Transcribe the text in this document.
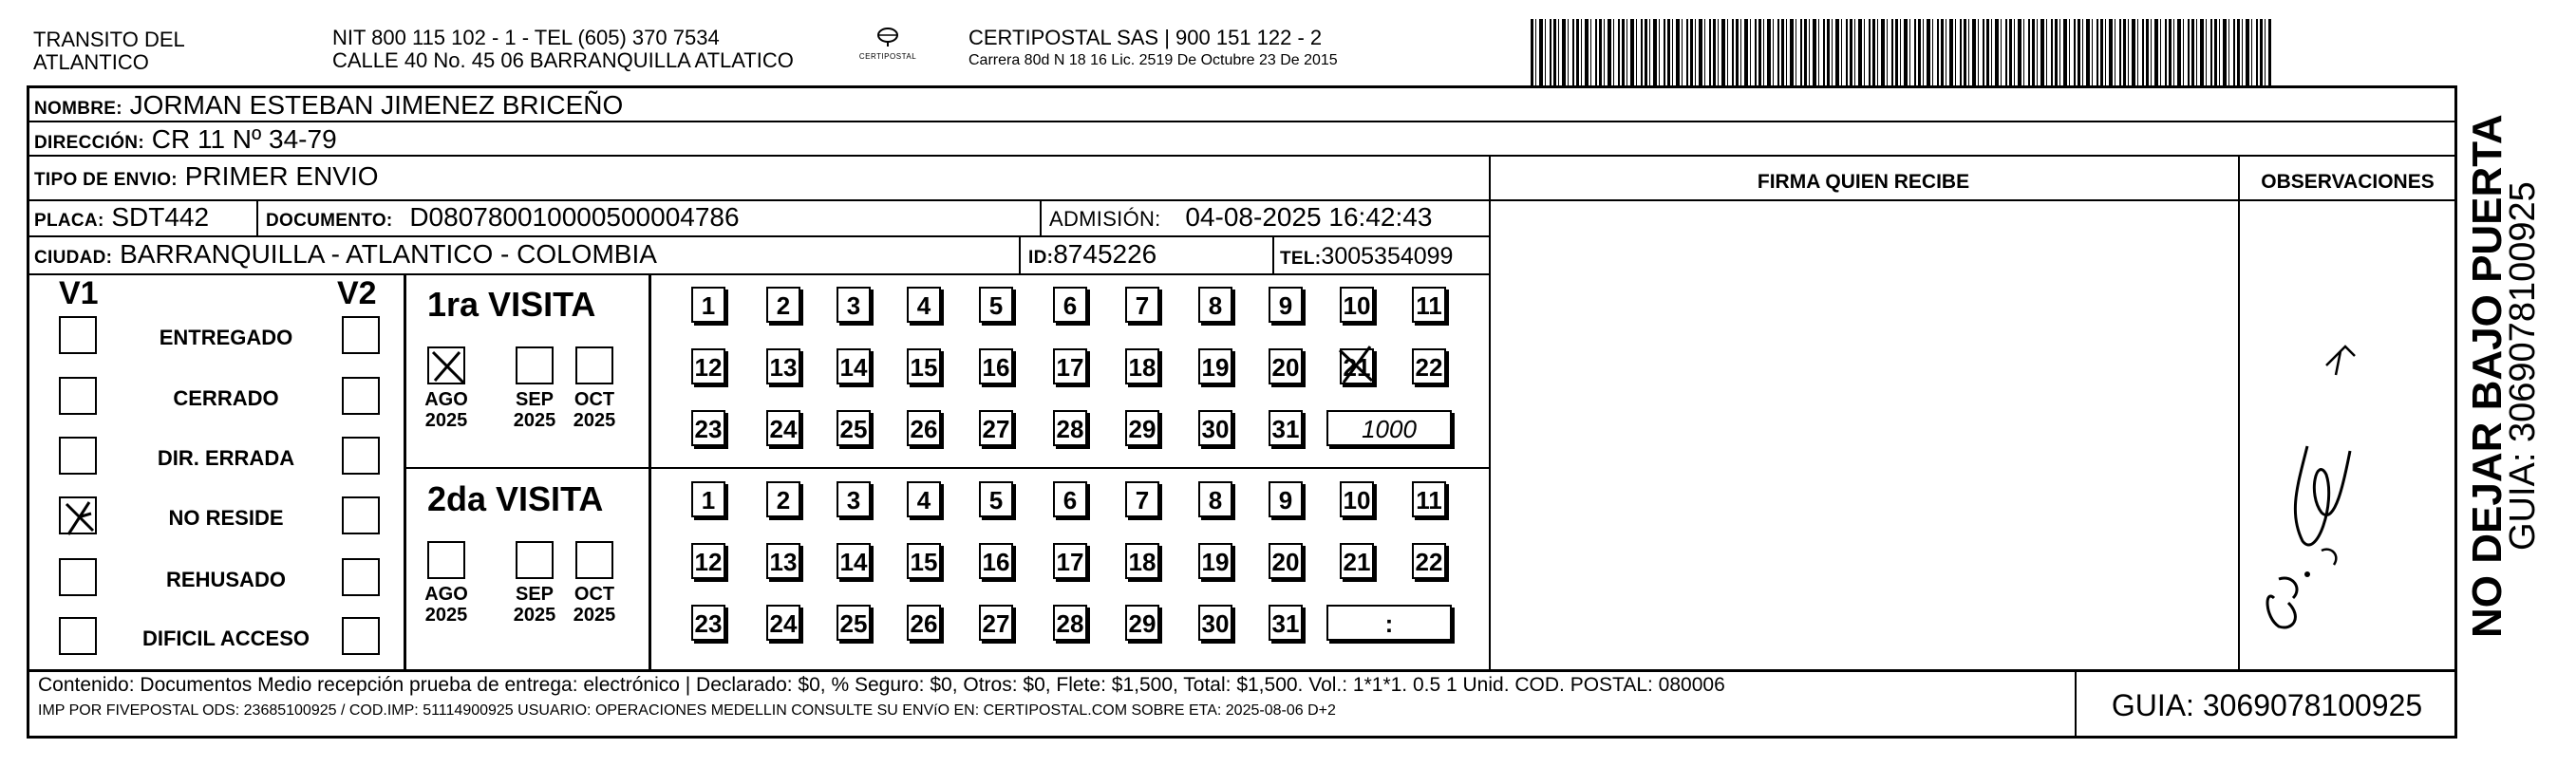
TRANSITO DEL
ATLANTICO
NIT 800 115 102 - 1 - TEL (605) 370 7534
CALLE 40 No. 45 06 BARRANQUILLA ATLATICO	CERTIPOSTAL
CERTIPOSTAL SAS | 900 151 122 - 2
Carrera 80d N 18 16 Lic. 2519 De Octubre 23 De 2015
NOMBRE: JORMAN ESTEBAN JIMENEZ BRICEÑO
DIRECCIÓN: CR 11 Nº 34-79
TIPO DE ENVIO: PRIMER ENVIO	FIRMA QUIEN RECIBE	OBSERVACIONES
PLACA: SDT442	DOCUMENTO: D080780010000500004786	ADMISIÓN: 04-08-2025 16:42:43
CIUDAD: BARRANQUILLA - ATLANTICO - COLOMBIA	ID:8745226	TEL:3005354099
V1	V2
ENTREGADO
CERRADO
DIR. ERRADA
NO RESIDE
REHUSADO
DIFICIL ACCESO
1ra VISITA
2da VISITA
AGO
2025
SEP
2025
OCT
2025
1	2	3	4	5	6	7	8	9	10 11
12 13 14 15 16 17 18 19 20 21 22
23 24 25 26 27 28 29 30 31	1000
AGO
2025
SEP
2025
OCT
2025
1	2	3	4	5	6	7	8	9	10 11
12 13 14 15 16 17 18 19 20 21 22
23 24 25 26 27 28 29 30 31	:
Contenido: Documentos Medio recepción prueba de entrega: electrónico | Declarado: $0, % Seguro: $0, Otros: $0, Flete: $1,500, Total: $1,500. Vol.: 1*1*1. 0.5 1 Unid. COD. POSTAL: 080006
IMP POR FIVEPOSTAL ODS: 23685100925 / COD.IMP: 51114900925 USUARIO: OPERACIONES MEDELLIN CONSULTE SU ENVíO EN: CERTIPOSTAL.COM SOBRE ETA: 2025-08-06 D+2	GUIA: 3069078100925
NO DEJAR BAJO PUERTA
GUIA: 3069078100925
